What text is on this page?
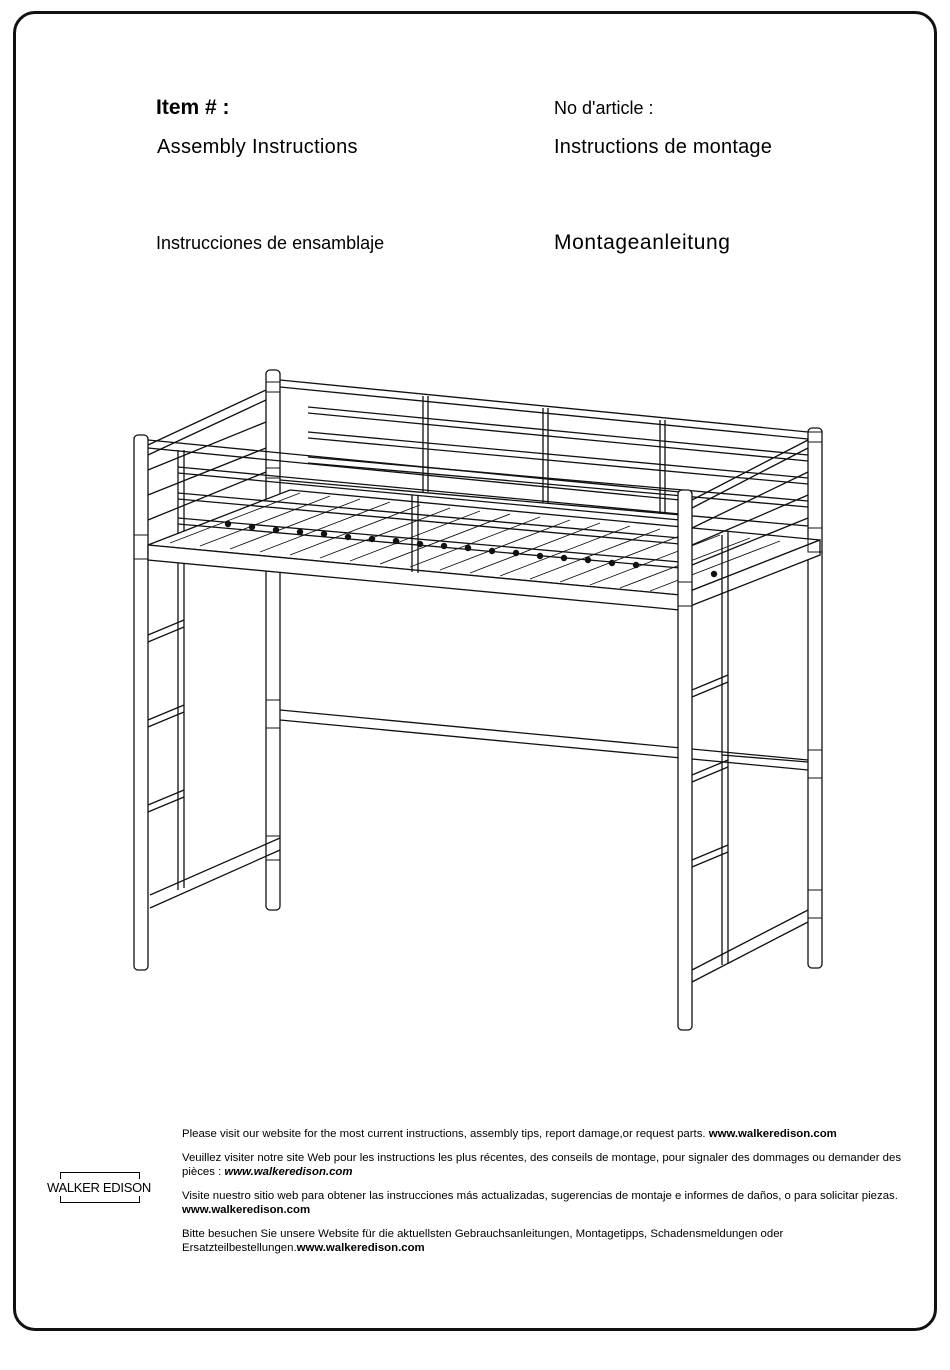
Item # :
Assembly Instructions
No d'article :
Instructions de montage
Instrucciones de ensamblaje	Montageanleitung
WALKER EDISON

Please visit our website for the most current instructions, assembly tips, report damage,or request parts. www.walkeredison.com

Veuillez visiter notre site Web pour les instructions les plus récentes, des conseils de montage, pour signaler des dommages ou demander des pièces : www.walkeredison.com

Visite nuestro sitio web para obtener las instrucciones más actualizadas, sugerencias de montaje e informes de daños, o para solicitar piezas. www.walkeredison.com

Bitte besuchen Sie unsere Website für die aktuellsten Gebrauchsanleitungen, Montagetipps, Schadensmeldungen oder Ersatzteilbestellungen.www.walkeredison.com
